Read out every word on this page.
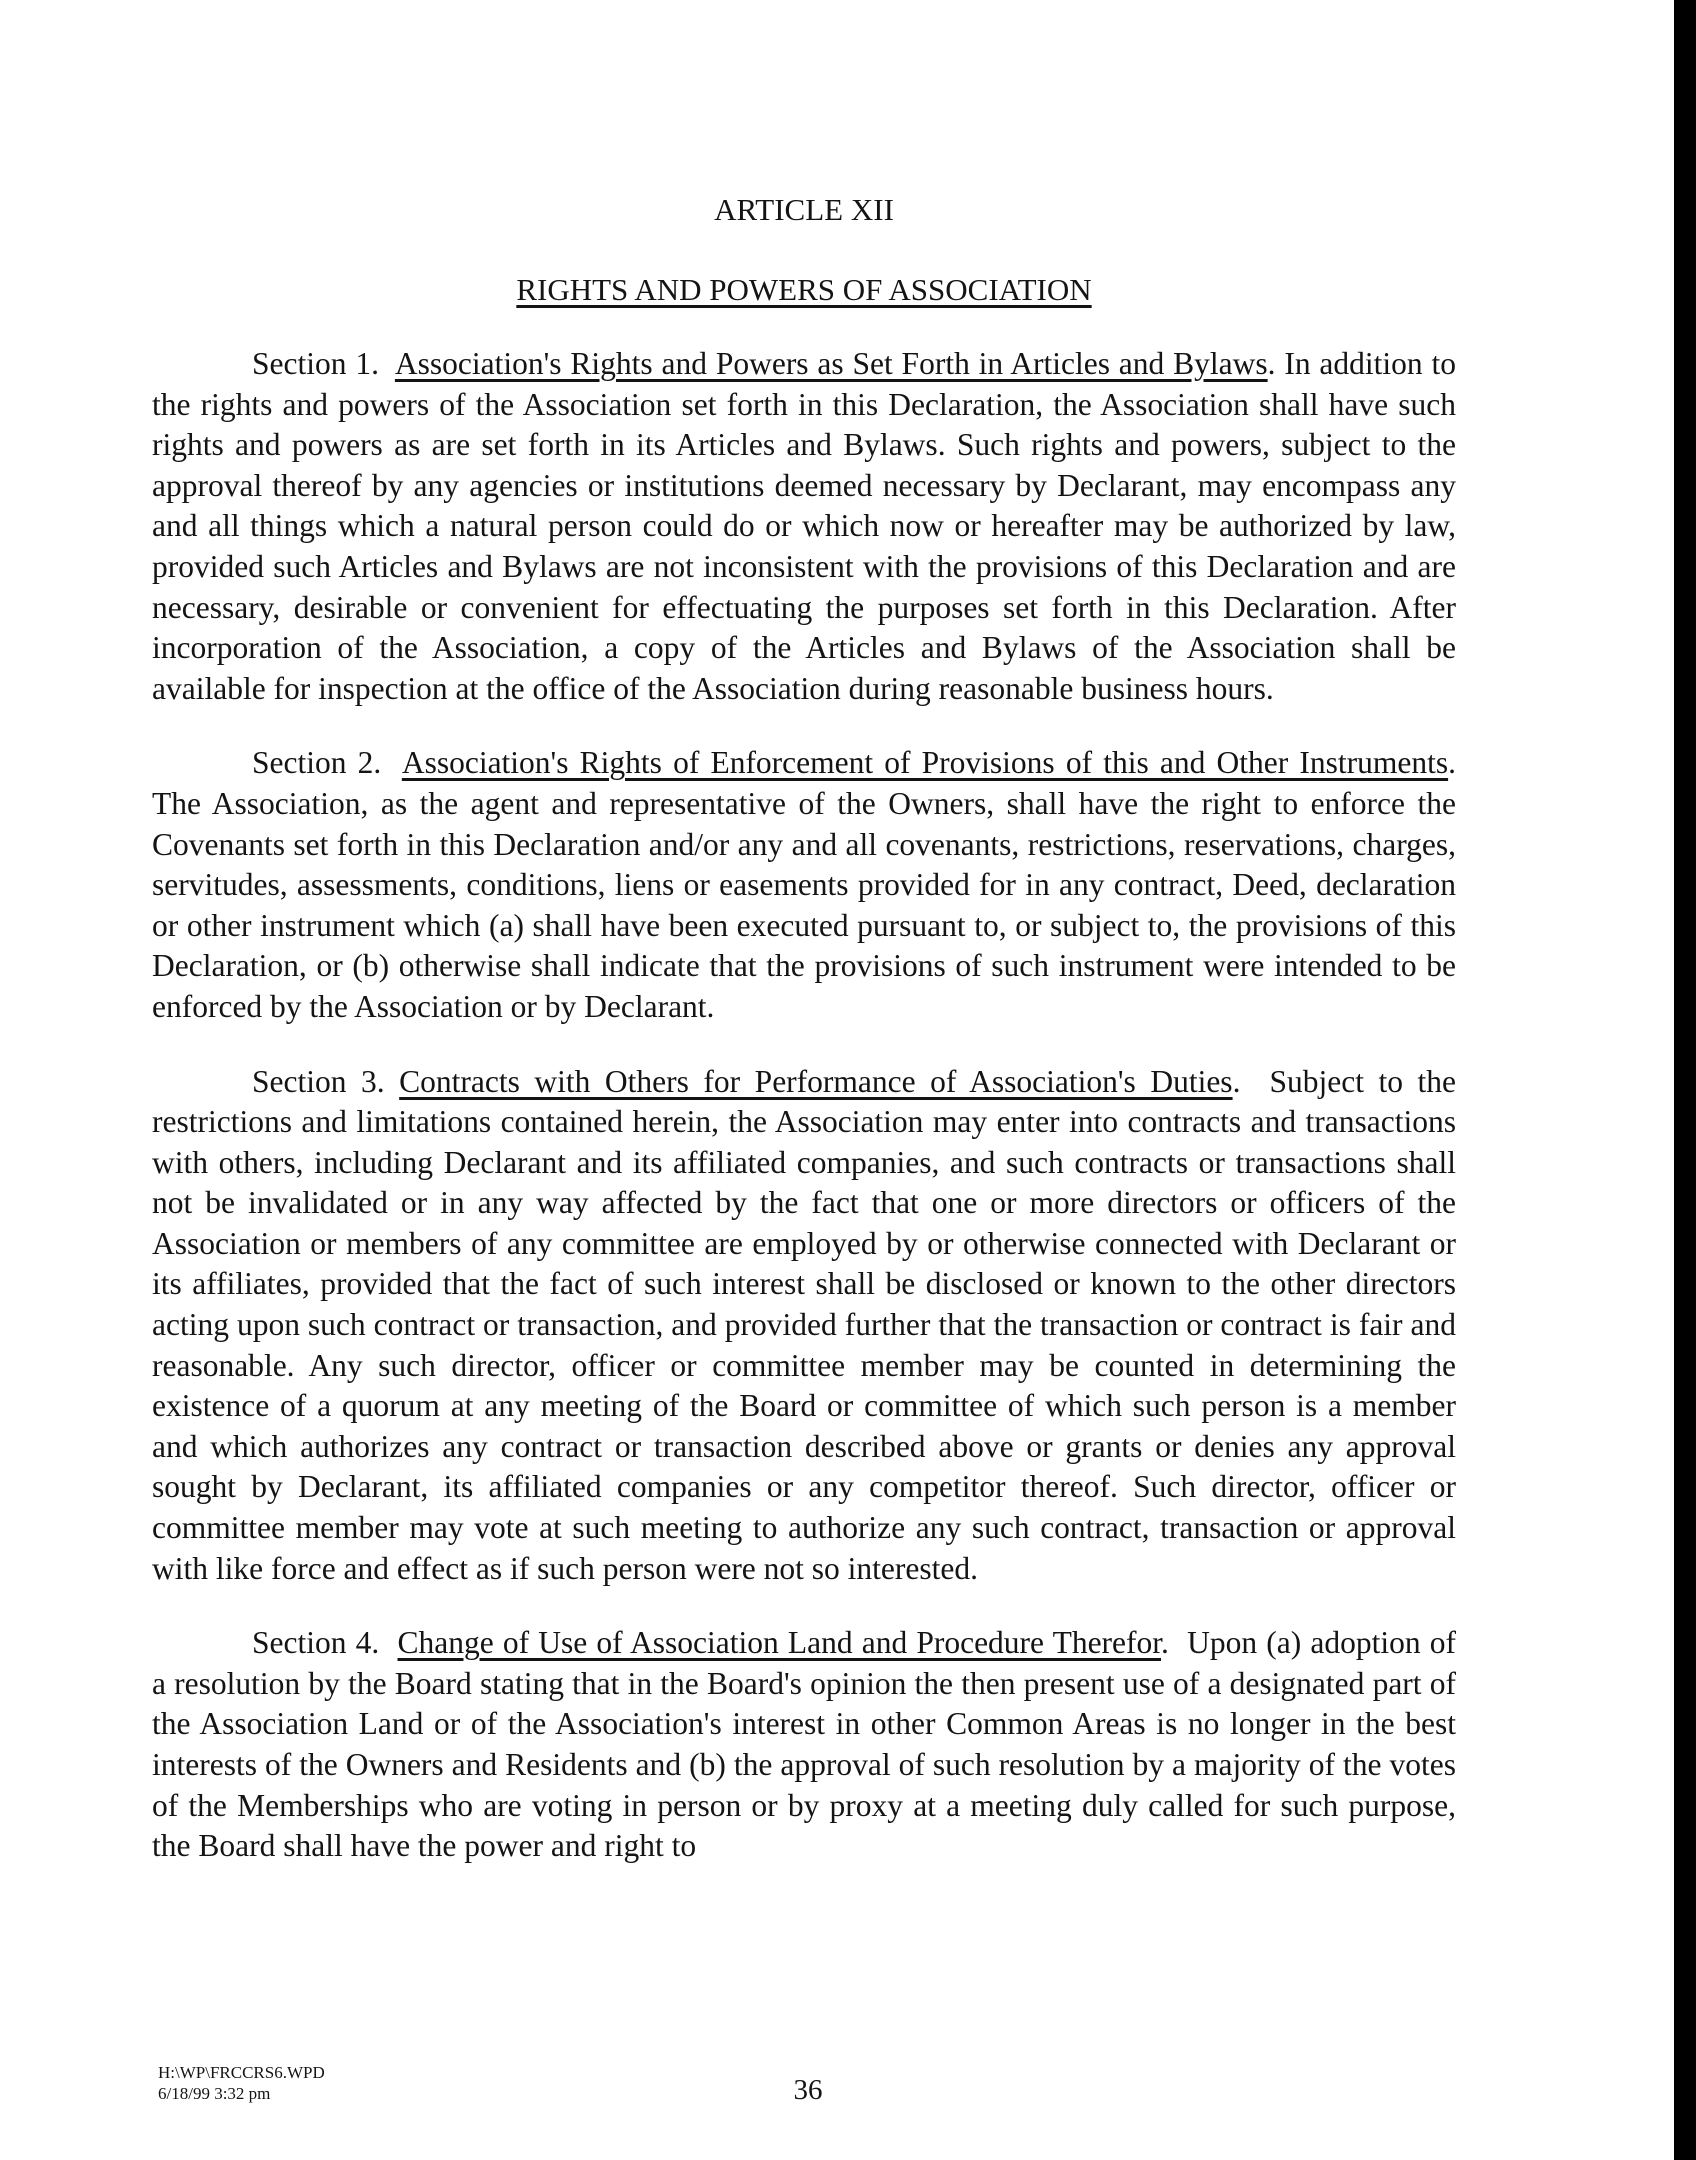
ARTICLE XII

RIGHTS AND POWERS OF ASSOCIATION

Section 1. Association's Rights and Powers as Set Forth in Articles and Bylaws. In addition to the rights and powers of the Association set forth in this Declaration, the Association shall have such rights and powers as are set forth in its Articles and Bylaws. Such rights and powers, subject to the approval thereof by any agencies or institutions deemed necessary by Declarant, may encompass any and all things which a natural person could do or which now or hereafter may be authorized by law, provided such Articles and Bylaws are not inconsistent with the provisions of this Declaration and are necessary, desirable or convenient for effectuating the purposes set forth in this Declaration. After incorporation of the Association, a copy of the Articles and Bylaws of the Association shall be available for inspection at the office of the Association during reasonable business hours.

Section 2. Association's Rights of Enforcement of Provisions of this and Other Instruments. The Association, as the agent and representative of the Owners, shall have the right to enforce the Covenants set forth in this Declaration and/or any and all covenants, restrictions, reservations, charges, servitudes, assessments, conditions, liens or easements provided for in any contract, Deed, declaration or other instrument which (a) shall have been executed pursuant to, or subject to, the provisions of this Declaration, or (b) otherwise shall indicate that the provisions of such instrument were intended to be enforced by the Association or by Declarant.

Section 3. Contracts with Others for Performance of Association's Duties. Subject to the restrictions and limitations contained herein, the Association may enter into contracts and transactions with others, including Declarant and its affiliated companies, and such contracts or transactions shall not be invalidated or in any way affected by the fact that one or more directors or officers of the Association or members of any committee are employed by or otherwise connected with Declarant or its affiliates, provided that the fact of such interest shall be disclosed or known to the other directors acting upon such contract or transaction, and provided further that the transaction or contract is fair and reasonable. Any such director, officer or committee member may be counted in determining the existence of a quorum at any meeting of the Board or committee of which such person is a member and which authorizes any contract or transaction described above or grants or denies any approval sought by Declarant, its affiliated companies or any competitor thereof. Such director, officer or committee member may vote at such meeting to authorize any such contract, transaction or approval with like force and effect as if such person were not so interested.

Section 4. Change of Use of Association Land and Procedure Therefor. Upon (a) adoption of a resolution by the Board stating that in the Board's opinion the then present use of a designated part of the Association Land or of the Association's interest in other Common Areas is no longer in the best interests of the Owners and Residents and (b) the approval of such resolution by a majority of the votes of the Memberships who are voting in person or by proxy at a meeting duly called for such purpose, the Board shall have the power and right to

H:\WP\FRCCRS6.WPD
6/18/99 3:32 pm	36
